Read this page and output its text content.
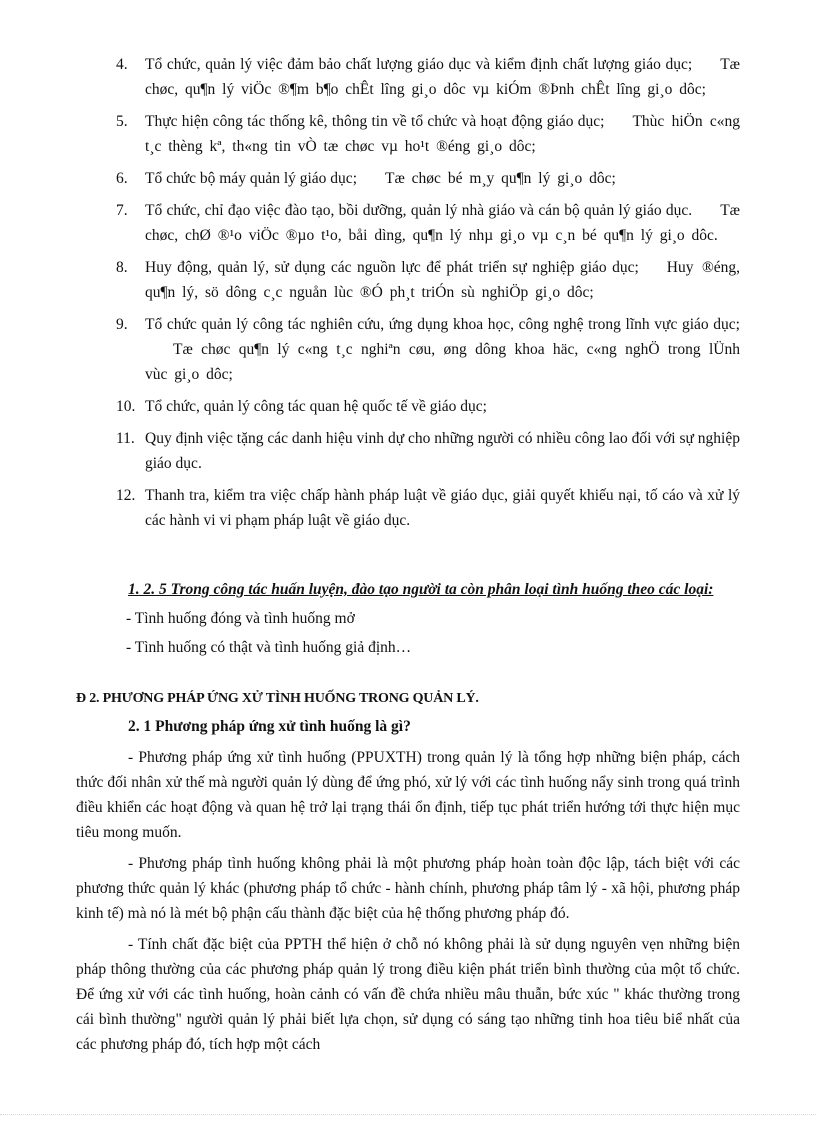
4. Tổ chức, quản lý việc đảm bảo chất lượng giáo dục và kiểm định chất lượng giáo dục; Tæ chøc, qu¶n lý viÖc ®¶m b¶o chÊt lîng gi¸o dôc vµ kiÓm ®Þnh chÊt lîng gi¸o dôc;
5. Thực hiện công tác thống kê, thông tin về tổ chức và hoạt động giáo dục; Thùc hiÖn c«ng t¸c thèng kª, th«ng tin vÒ tæ chøc vµ ho¹t ®éng gi¸o dôc;
6. Tổ chức bộ máy quản lý giáo dục; Tæ chøc bé m¸y qu¶n lý gi¸o dôc;
7. Tổ chức, chỉ đạo việc đào tạo, bồi dưỡng, quản lý nhà giáo và cán bộ quản lý giáo dục. Tæ chøc, chØ ®¹o viÖc ®µo t¹o, båi dìng, qu¶n lý nhµ gi¸o vµ c¸n bé qu¶n lý gi¸o dôc.
8. Huy động, quản lý, sử dụng các nguồn lực để phát triển sự nghiệp giáo dục; Huy ®éng, qu¶n lý, sö dông c¸c nguån lùc ®Ó ph¸t triÓn sù nghiÖp gi¸o dôc;
9. Tổ chức quản lý công tác nghiên cứu, ứng dụng khoa học, công nghệ trong lĩnh vực giáo dục;Tæ chøc qu¶n lý c«ng t¸c nghiªn cøu, øng dông khoa häc, c«ng nghÖ trong lÜnh vùc gi¸o dôc;
10. Tổ chức, quản lý công tác quan hệ quốc tế về giáo dục;
11. Quy định việc tặng các danh hiệu vinh dự cho những người có nhiều công lao đối với sự nghiệp giáo dục.
12. Thanh tra, kiểm tra việc chấp hành pháp luật về giáo dục, giải quyết khiếu nại, tố cáo và xử lý các hành vi vi phạm pháp luật về giáo dục.
1. 2. 5 Trong công tác huấn luyện, đào tạo người ta còn phân loại tình huống theo các loại:
- Tình huống đóng và tình huống mở
- Tình huống có thật và tình huống giả định…
Đ 2. PHƯƠNG PHÁP ỨNG XỬ TÌNH HUỐNG TRONG QUẢN LÝ.
2. 1 Phương pháp ứng xử tình huống là gì?
- Phương pháp ứng xử tình huống (PPUXTH) trong quản lý là tổng hợp những biện pháp, cách thức đối nhân xử thế mà người quản lý dùng để ứng phó, xử lý với các tình huống nẩy sinh trong quá trình điều khiển các hoạt động và quan hệ trở lại trạng thái ổn định, tiếp tục phát triển hướng tới thực hiện mục tiêu mong muốn.
- Phương pháp tình huống không phải là một phương pháp hoàn toàn độc lập, tách biệt với các phương thức quản lý khác (phương pháp tổ chức - hành chính, phương pháp tâm lý - xã hội, phương pháp kinh tế) mà nó là mét bộ phận cấu thành đặc biệt của hệ thống phương pháp đó.
- Tính chất đặc biệt của PPTH thể hiện ở chỗ nó không phải là sử dụng nguyên vẹn những biện pháp thông thường của các phương pháp quản lý trong điều kiện phát triển bình thường của một tổ chức. Để ứng xử với các tình huống, hoàn cảnh có vấn đề chứa nhiều mâu thuẫn, bức xúc " khác thường trong cái bình thường" người quản lý phải biết lựa chọn, sử dụng có sáng tạo những tinh hoa tiêu biể nhất của các phương pháp đó, tích hợp một cách
